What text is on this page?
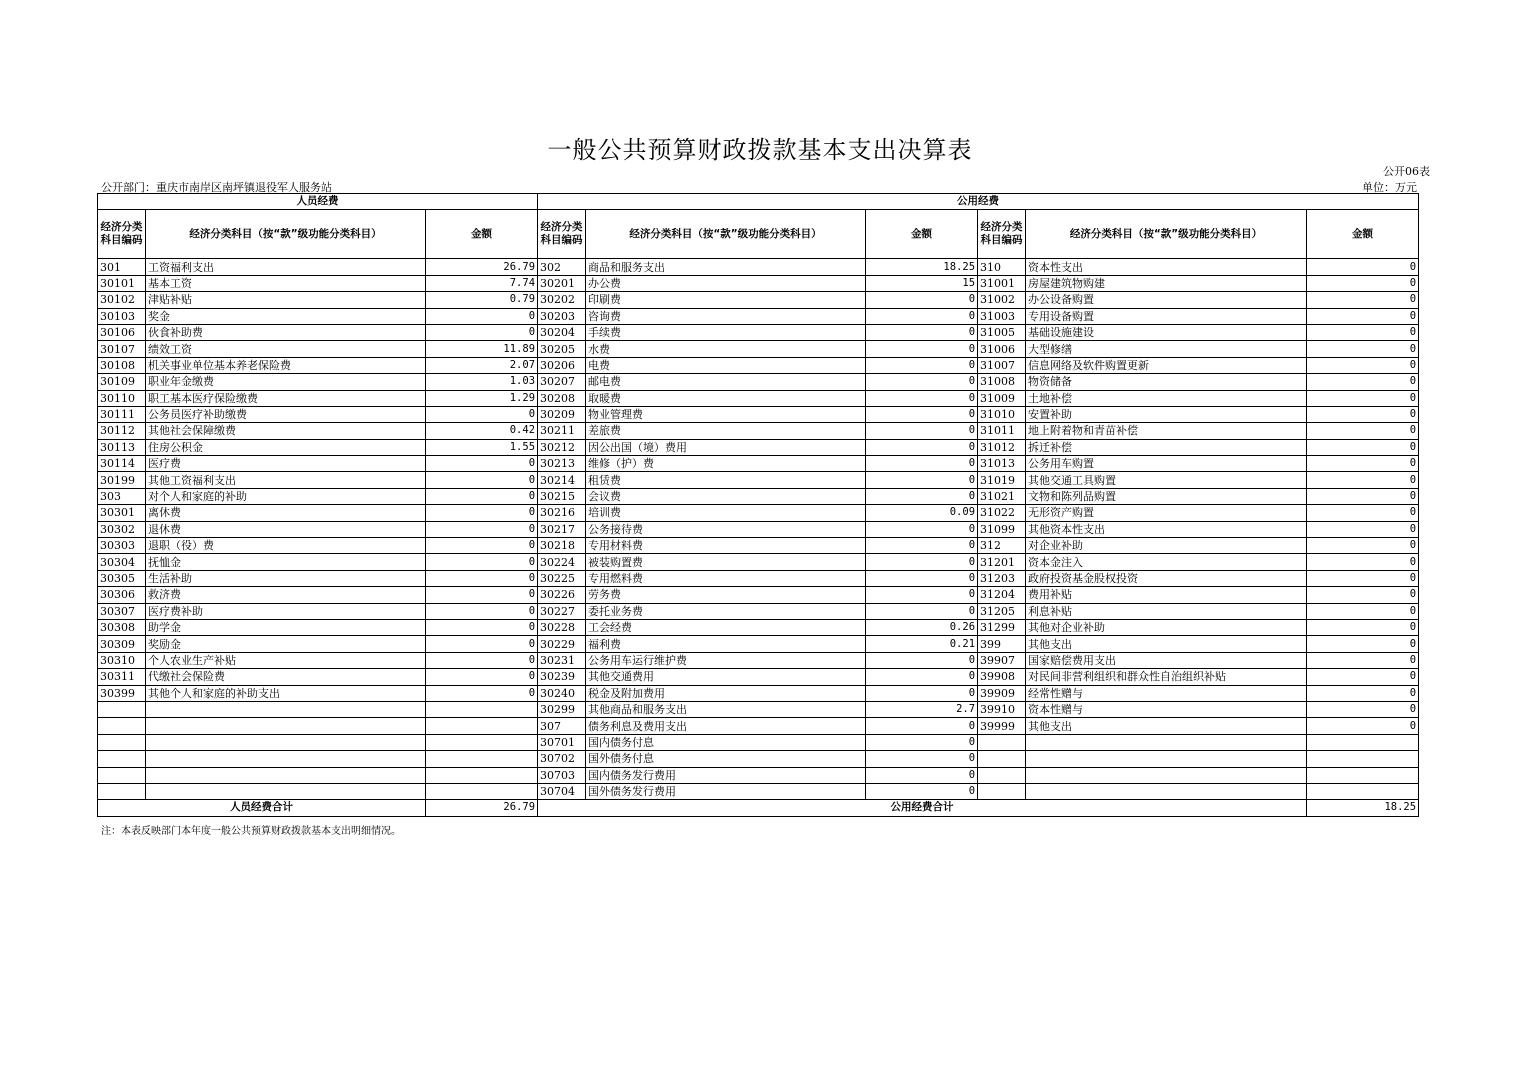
一般公共预算财政拨款基本支出决算表
公开06表
公开部门：重庆市南岸区南坪镇退役军人服务站	单位：万元
人员经费			公用经费					
经济分类科目编码	经济分类科目（按“款”级功能分类科目）	金额	经济分类科目编码	经济分类科目（按“款”级功能分类科目）	金额	经济分类科目编码	经济分类科目（按“款”级功能分类科目）	金额
301	工资福利支出	26.79	302	商品和服务支出	18.25	310	资本性支出	0
30101	基本工资	7.74	30201	办公费	15	31001	房屋建筑物购建	0
30102	津贴补贴	0.79	30202	印刷费	0	31002	办公设备购置	0
30103	奖金	0	30203	咨询费	0	31003	专用设备购置	0
30106	伙食补助费	0	30204	手续费	0	31005	基础设施建设	0
30107	绩效工资	11.89	30205	水费	0	31006	大型修缮	0
30108	机关事业单位基本养老保险费	2.07	30206	电费	0	31007	信息网络及软件购置更新	0
30109	职业年金缴费	1.03	30207	邮电费	0	31008	物资储备	0
30110	职工基本医疗保险缴费	1.29	30208	取暖费	0	31009	土地补偿	0
30111	公务员医疗补助缴费	0	30209	物业管理费	0	31010	安置补助	0
30112	其他社会保障缴费	0.42	30211	差旅费	0	31011	地上附着物和青苗补偿	0
30113	住房公积金	1.55	30212	因公出国（境）费用	0	31012	拆迁补偿	0
30114	医疗费	0	30213	维修（护）费	0	31013	公务用车购置	0
30199	其他工资福利支出	0	30214	租赁费	0	31019	其他交通工具购置	0
303	对个人和家庭的补助	0	30215	会议费	0	31021	文物和陈列品购置	0
30301	离休费	0	30216	培训费	0.09	31022	无形资产购置	0
30302	退休费	0	30217	公务接待费	0	31099	其他资本性支出	0
30303	退职（役）费	0	30218	专用材料费	0	312	对企业补助	0
30304	抚恤金	0	30224	被装购置费	0	31201	资本金注入	0
30305	生活补助	0	30225	专用燃料费	0	31203	政府投资基金股权投资	0
30306	救济费	0	30226	劳务费	0	31204	费用补贴	0
30307	医疗费补助	0	30227	委托业务费	0	31205	利息补贴	0
30308	助学金	0	30228	工会经费	0.26	31299	其他对企业补助	0
30309	奖励金	0	30229	福利费	0.21	399	其他支出	0
30310	个人农业生产补贴	0	30231	公务用车运行维护费	0	39907	国家赔偿费用支出	0
30311	代缴社会保险费	0	30239	其他交通费用	0	39908	对民间非营利组织和群众性自治组织补贴	0
30399	其他个人和家庭的补助支出	0	30240	税金及附加费用	0	39909	经常性赠与	0
			30299	其他商品和服务支出	2.7	39910	资本性赠与	0
			307	债务利息及费用支出	0	39999	其他支出	0
			30701	国内债务付息	0			
			30702	国外债务付息	0			
			30703	国内债务发行费用	0			
			30704	国外债务发行费用	0			
人员经费合计		26.79	公用经费合计					18.25
注：本表反映部门本年度一般公共预算财政拨款基本支出明细情况。
